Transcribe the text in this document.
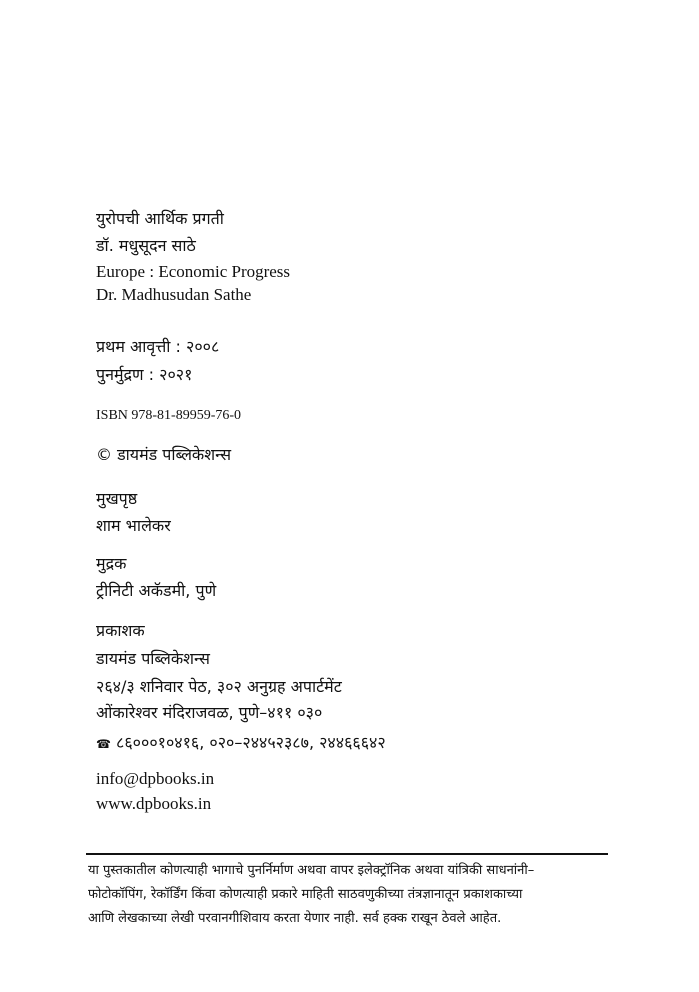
युरोपची आर्थिक प्रगती
डॉ. मधुसूदन साठे
Europe : Economic Progress
Dr. Madhusudan Sathe
प्रथम आवृत्ती : २००८
पुनर्मुद्रण : २०२१
ISBN 978-81-89959-76-0
© डायमंड पब्लिकेशन्स
मुखपृष्ठ
शाम भालेकर
मुद्रक
ट्रीनिटी अकॅडमी, पुणे
प्रकाशक
डायमंड पब्लिकेशन्स
२६४/३ शनिवार पेठ, ३०२ अनुग्रह अपार्टमेंट
ओंकारेश्वर मंदिराजवळ, पुणे–४११ ०३०
☎ ८६०००१०४१६, ०२०–२४४५२३८७, २४४६६६४२
info@dpbooks.in
www.dpbooks.in
या पुस्तकातील कोणत्याही भागाचे पुनर्निर्माण अथवा वापर इलेक्ट्रॉनिक अथवा यांत्रिकी साधनांनी–
फोटोकॉपिंग, रेकॉर्डिंग किंवा कोणत्याही प्रकारे माहिती साठवणुकीच्या तंत्रज्ञानातून प्रकाशकाच्या
आणि लेखकाच्या लेखी परवानगीशिवाय करता येणार नाही. सर्व हक्क राखून ठेवले आहेत.
